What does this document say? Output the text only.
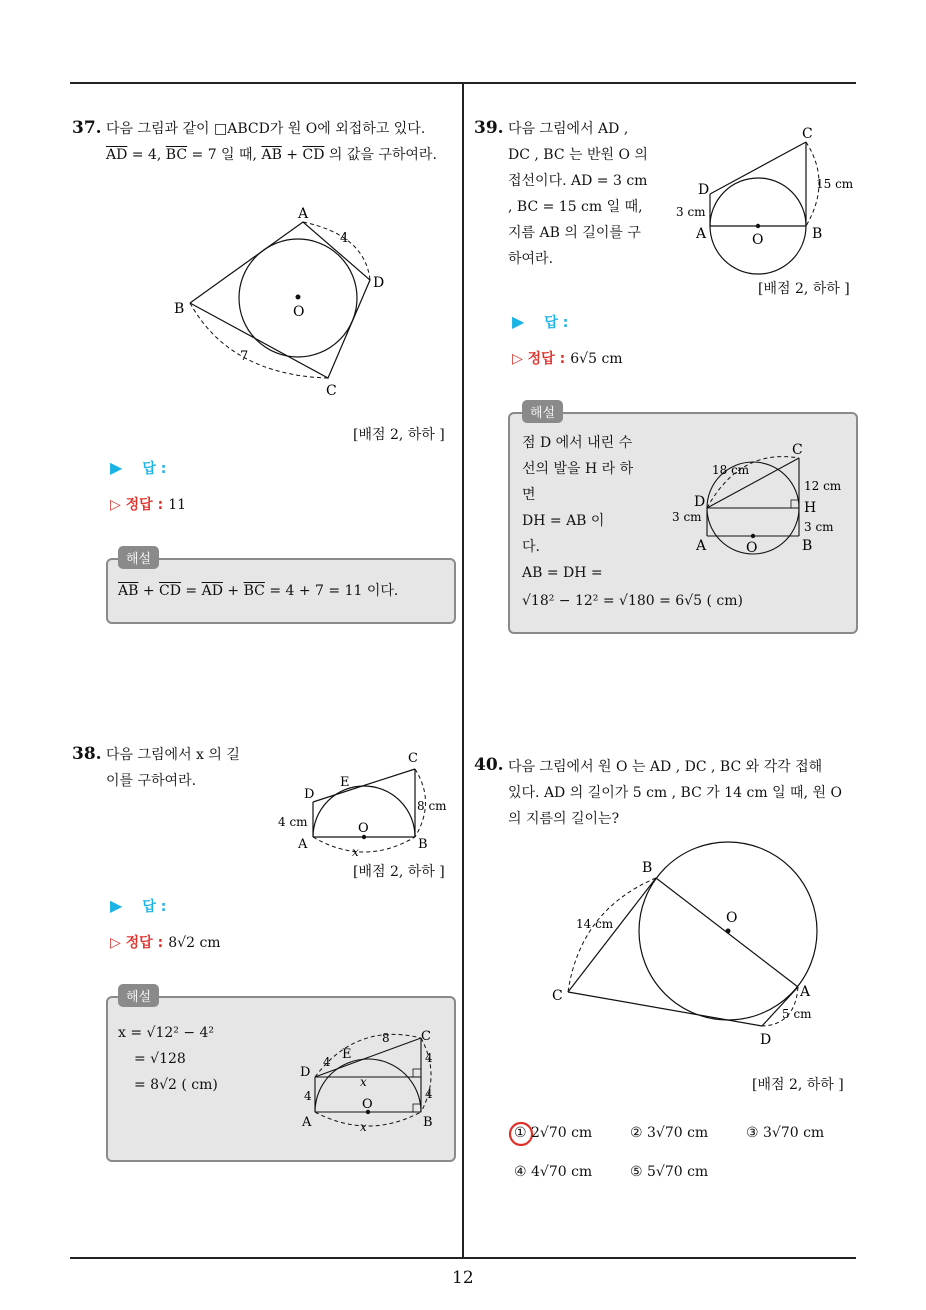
12
37. 다음 그림과 같이 □ABCD가 원 O에 외접하고 있다.
$\overline{AD} = 4$, $\overline{BC} = 7$ 일 때, $\overline{AB} + \overline{CD}$ 의 값을 구하여라.
A
B
C
D
O
4
7
[배점 2, 하하 ]
▶ 답 :
▷ 정답 : 11
해설
$\overline{AB} + \overline{CD} = \overline{AD} + \overline{BC} = 4 + 7 = 11$ 이다.
38. 다음 그림에서 x 의 길
이를 구하여라.
A	B
C
D
E
O
4 cm
8 cm
x
[배점 2, 하하 ]
▶ 답 :
▷ 정답 : 8√2 cm
해설
x = √12² − 4²
= √128
= 8√2 ( cm)
A	B
C
D
E
O
4
8
4
4
4
x
x
39. 다음 그림에서 AD ,
DC , BC 는 반원 O 의
접선이다. AD = 3 cm
, BC = 15 cm 일 때,
지름 AB 의 길이를 구
하여라.
A	B
C
D
O
3 cm
15 cm
[배점 2, 하하 ]
▶ 답 :
▷ 정답 : 6√5 cm
해설
점 D 에서 내린 수
선의 발을 H 라 하
면
DH = AB 이
다.
AB = DH =
√18² − 12² = √180 = 6√5 ( cm)
A	B
C
D	H
O
18 cm
12 cm
3 cm
3 cm
40. 다음 그림에서 원 O 는 AD , DC , BC 와 각각 접해
있다. AD 의 길이가 5 cm , BC 가 14 cm 일 때, 원 O
의 지름의 길이는?
A
B
C
D
O
14 cm
5 cm
[배점 2, 하하 ]
① 2√70 cm	② 3√70 cm	③ 3√70 cm
④ 4√70 cm	⑤ 5√70 cm
